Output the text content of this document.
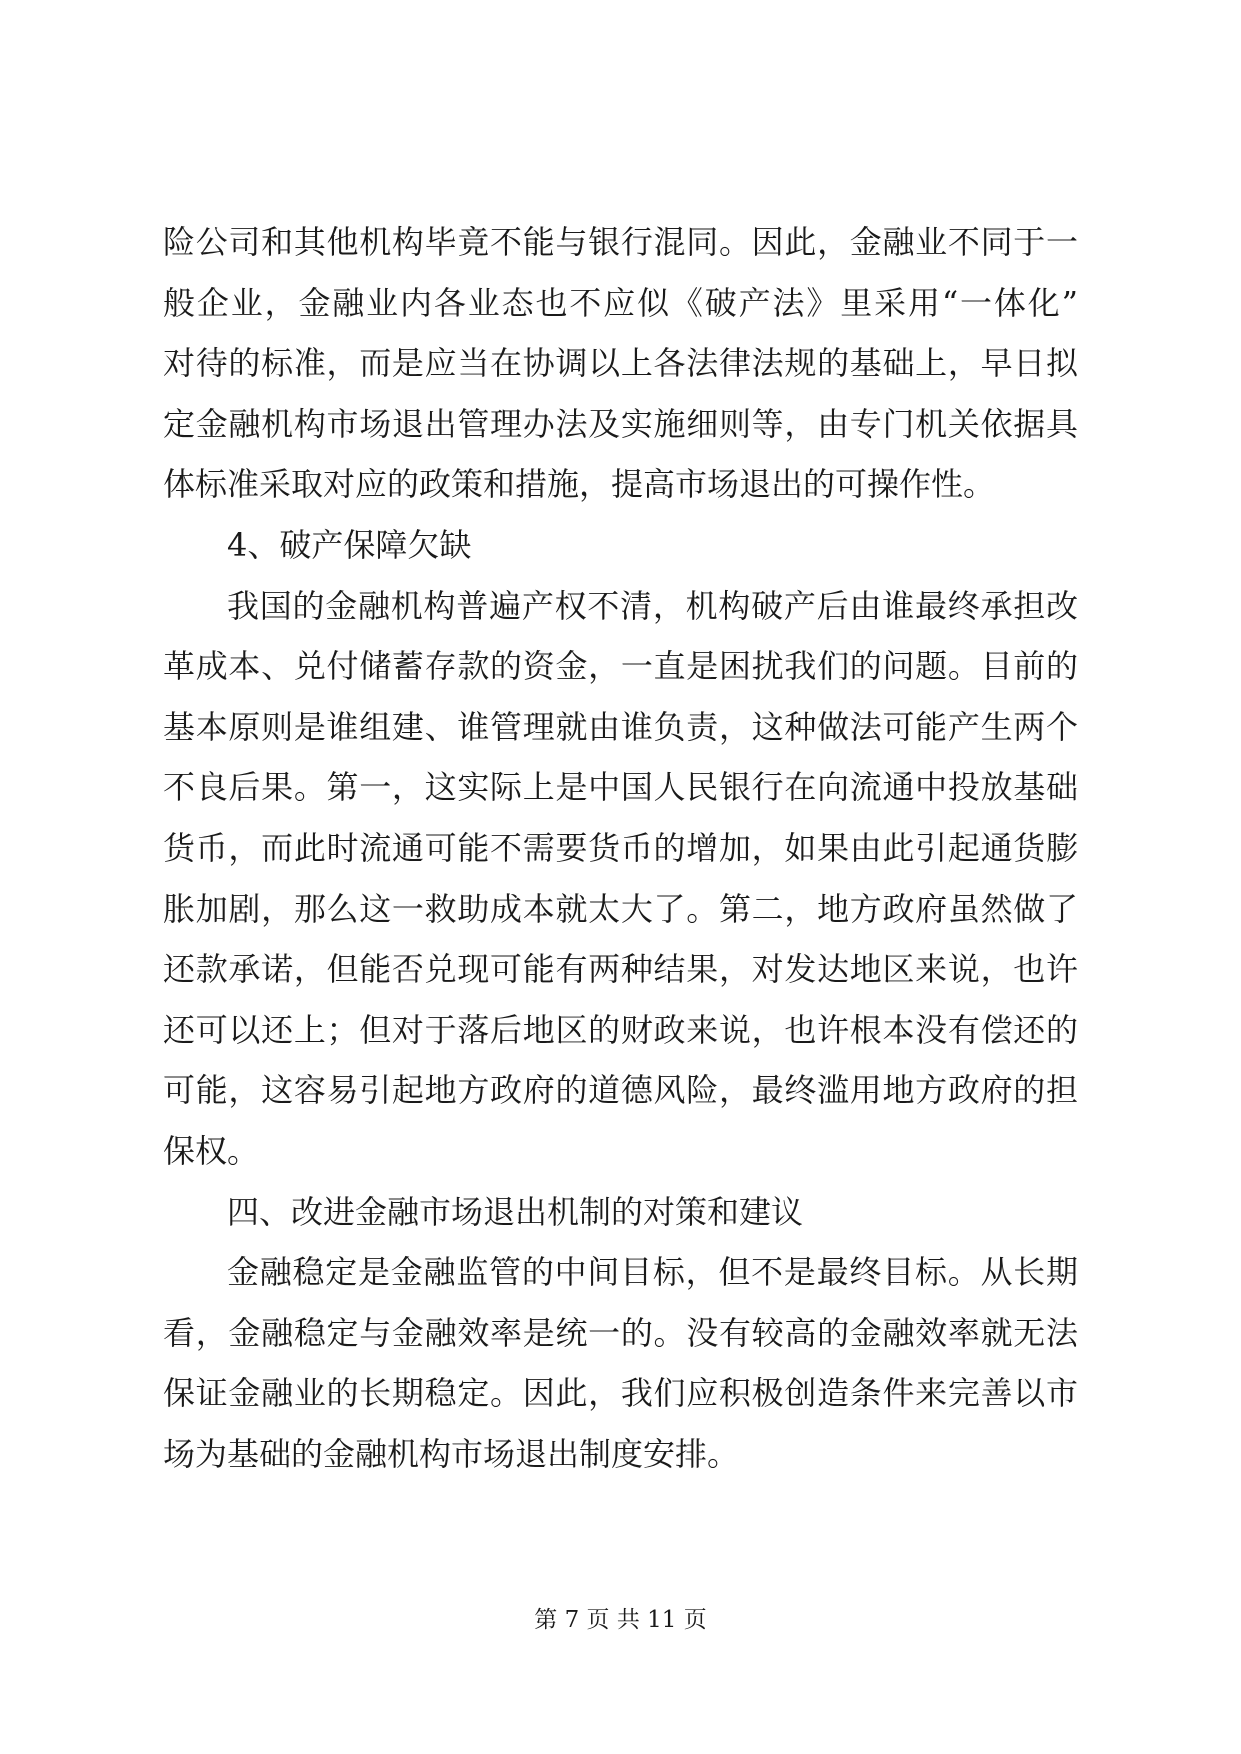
险公司和其他机构毕竟不能与银行混同。因此，金融业不同于一
般企业，金融业内各业态也不应似《破产法》里采用“一体化”
对待的标准，而是应当在协调以上各法律法规的基础上，早日拟
定金融机构市场退出管理办法及实施细则等，由专门机关依据具
体标准采取对应的政策和措施，提高市场退出的可操作性。
4、破产保障欠缺
我国的金融机构普遍产权不清，机构破产后由谁最终承担改
革成本、兑付储蓄存款的资金，一直是困扰我们的问题。目前的
基本原则是谁组建、谁管理就由谁负责，这种做法可能产生两个
不良后果。第一，这实际上是中国人民银行在向流通中投放基础
货币，而此时流通可能不需要货币的增加，如果由此引起通货膨
胀加剧，那么这一救助成本就太大了。第二，地方政府虽然做了
还款承诺，但能否兑现可能有两种结果，对发达地区来说，也许
还可以还上；但对于落后地区的财政来说，也许根本没有偿还的
可能，这容易引起地方政府的道德风险，最终滥用地方政府的担
保权。
四、改进金融市场退出机制的对策和建议
金融稳定是金融监管的中间目标，但不是最终目标。从长期
看，金融稳定与金融效率是统一的。没有较高的金融效率就无法
保证金融业的长期稳定。因此，我们应积极创造条件来完善以市
场为基础的金融机构市场退出制度安排。
第 7 页 共 11 页
